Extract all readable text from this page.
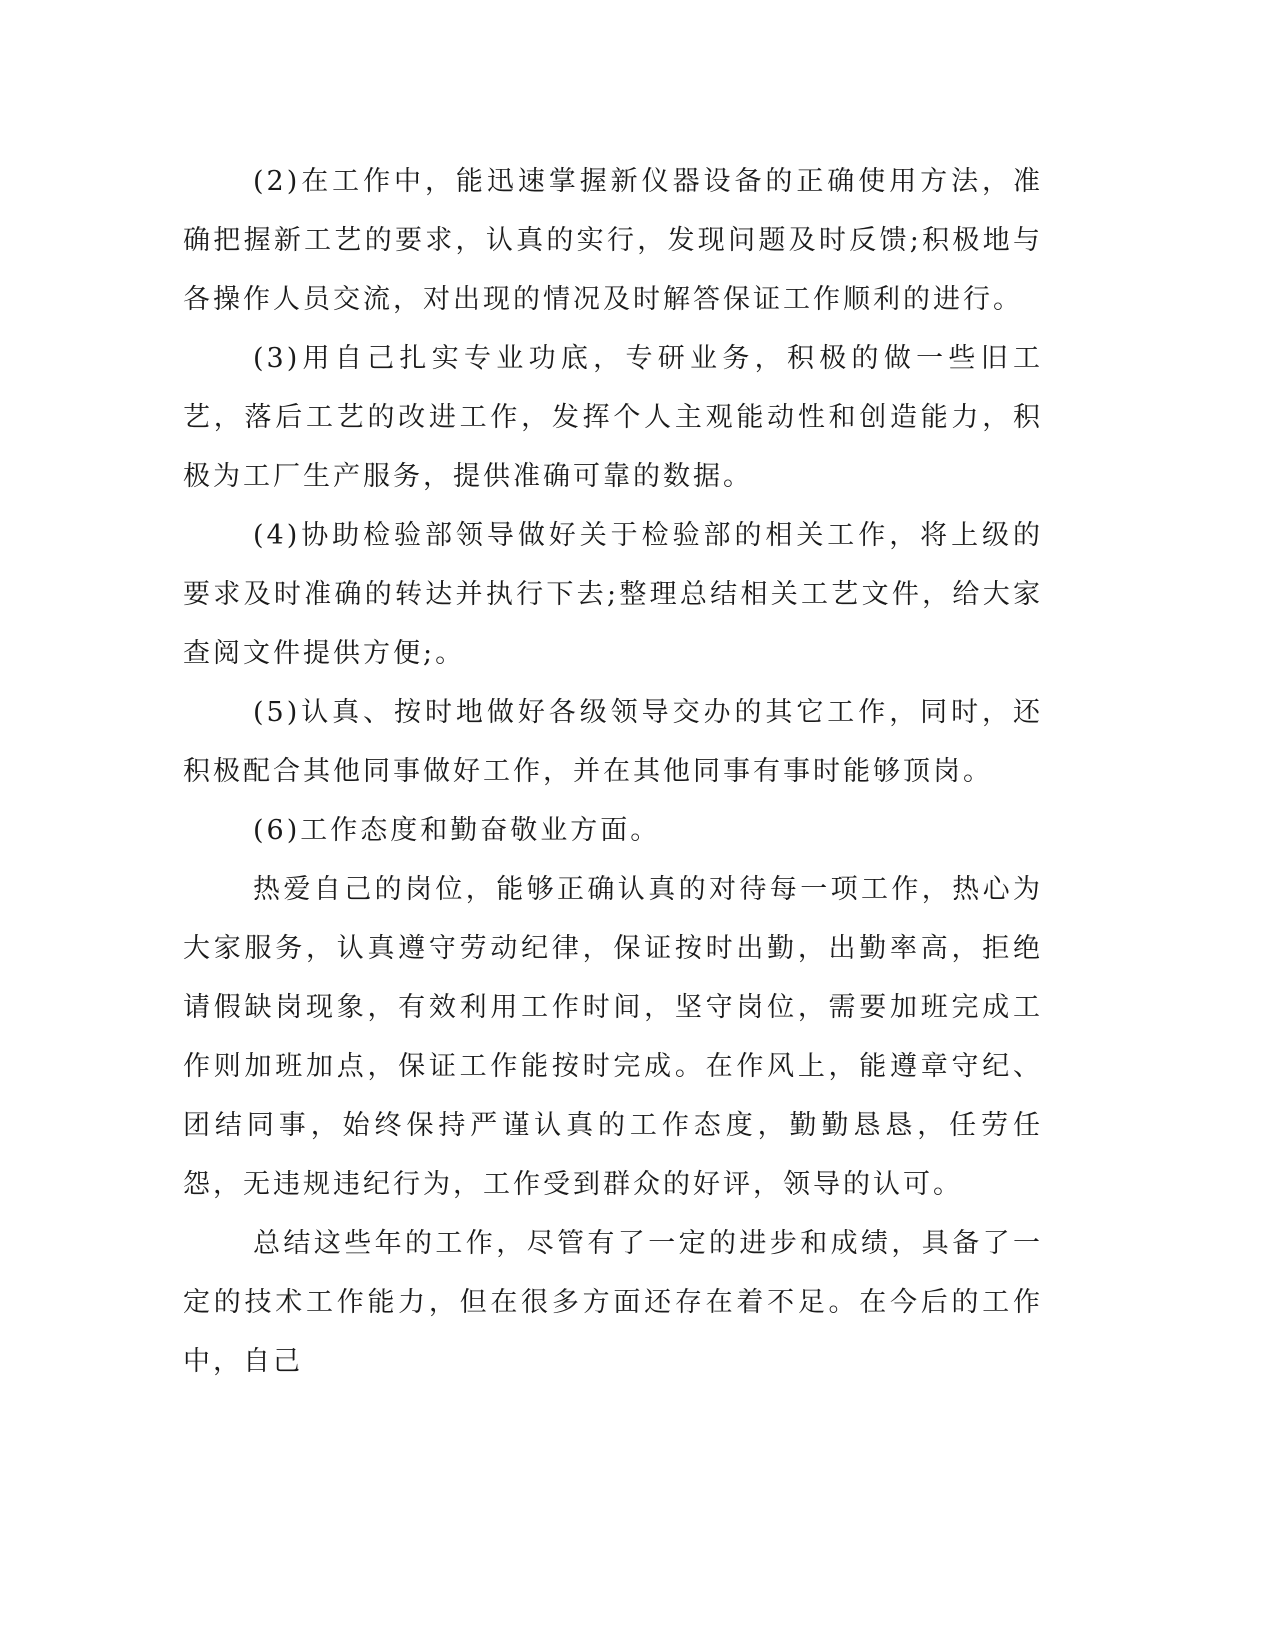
(2)在工作中，能迅速掌握新仪器设备的正确使用方法，准确把握新工艺的要求，认真的实行，发现问题及时反馈;积极地与各操作人员交流，对出现的情况及时解答保证工作顺利的进行。

(3)用自己扎实专业功底，专研业务，积极的做一些旧工艺，落后工艺的改进工作，发挥个人主观能动性和创造能力，积极为工厂生产服务，提供准确可靠的数据。

(4)协助检验部领导做好关于检验部的相关工作，将上级的要求及时准确的转达并执行下去;整理总结相关工艺文件，给大家查阅文件提供方便;。

(5)认真、按时地做好各级领导交办的其它工作，同时，还积极配合其他同事做好工作，并在其他同事有事时能够顶岗。

(6)工作态度和勤奋敬业方面。

热爱自己的岗位，能够正确认真的对待每一项工作，热心为大家服务，认真遵守劳动纪律，保证按时出勤，出勤率高，拒绝请假缺岗现象，有效利用工作时间，坚守岗位，需要加班完成工作则加班加点，保证工作能按时完成。在作风上，能遵章守纪、团结同事，始终保持严谨认真的工作态度，勤勤恳恳，任劳任怨，无违规违纪行为，工作受到群众的好评，领导的认可。

总结这些年的工作，尽管有了一定的进步和成绩，具备了一定的技术工作能力，但在很多方面还存在着不足。在今后的工作中，自己
